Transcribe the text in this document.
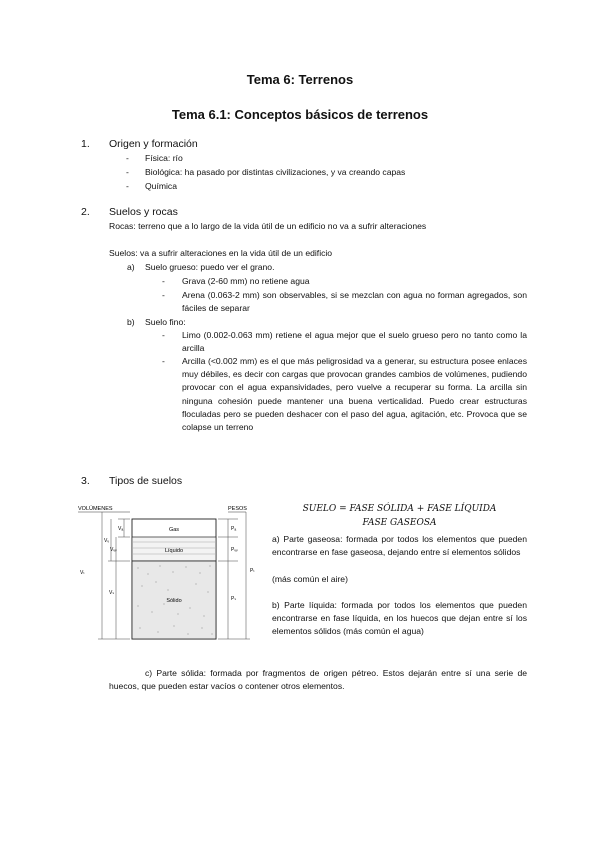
Tema 6: Terrenos
Tema 6.1: Conceptos básicos de terrenos
1. Origen y formación
- Física: río
- Biológica: ha pasado por distintas civilizaciones, y va creando capas
- Química
2. Suelos y rocas
Rocas: terreno que a lo largo de la vida útil de un edificio no va a sufrir alteraciones
Suelos: va a sufrir alteraciones en la vida útil de un edificio
a) Suelo grueso: puedo ver el grano.
- Grava (2-60 mm) no retiene agua
- Arena (0.063-2 mm) son observables, si se mezclan con agua no forman agregados, son fáciles de separar
b) Suelo fino:
- Limo (0.002-0.063 mm) retiene el agua mejor que el suelo grueso pero no tanto como la arcilla
- Arcilla (<0.002 mm) es el que más peligrosidad va a generar, su estructura posee enlaces muy débiles, es decir con cargas que provocan grandes cambios de volúmenes, pudiendo provocar con el agua expansividades, pero vuelve a recuperar su forma. La arcilla sin ninguna cohesión puede mantener una buena verticalidad. Puedo crear estructuras floculadas pero se pueden deshacer con el paso del agua, agitación, etc. Provoca que se colapse un terreno
3. Tipos de suelos
VOLÚMENES	PESOS
Gas
Líquido
Sólido
Vₐ
Vᵥᵥ
Vᵥ
Vₛ
Vₜ
Pₐ
Pᵥᵥ
Pₛ
Pₜ
SUELO = FASE SÓLIDA + FASE LÍQUIDA
FASE GASEOSA
a) Parte gaseosa: formada por todos los elementos que pueden encontrarse en fase gaseosa, dejando entre sí elementos sólidos
(más común el aire)
b) Parte líquida: formada por todos los elementos que pueden encontrarse en fase líquida, en los huecos que dejan entre sí los elementos sólidos (más común el agua)
c) Parte sólida: formada por fragmentos de origen pétreo. Estos dejarán entre sí una serie de huecos, que pueden estar vacíos o contener otros elementos.
